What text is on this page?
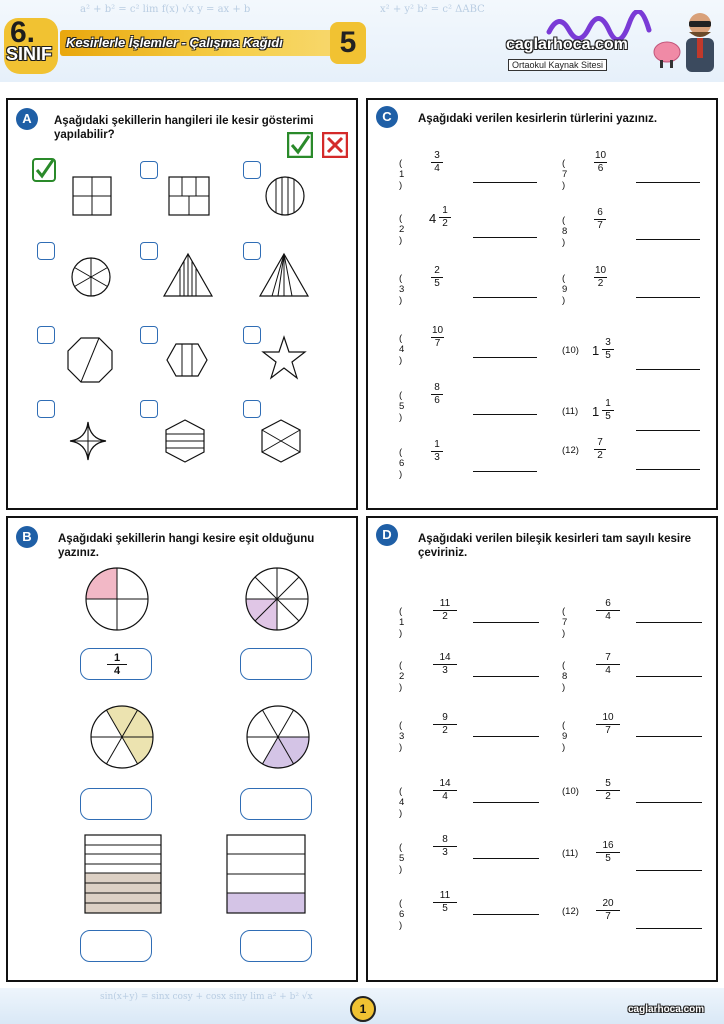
a² + b² = c² lim f(x) √x y = ax + b	x² + y² b² = c² ΔABC
6.
SINIF
Kesirlerle İşlemler - Çalışma Kağıdı	5	caglarhoca.com
Ortaokul Kaynak Sitesi
A	Aşağıdaki şekillerin hangileri ile kesir gösterimi yapılabilir?
C	Aşağıdaki verilen kesirlerin türlerini yazınız.
( 1 )
3
4
( 2 )
4
1
2
( 3 )
2
5
( 4 )
10
7
( 5 )
8
6
( 6 )
1
3
( 7 )
10
6
( 8 )
6
7
( 9 )
10
2
(10) 1
3
5
(11) 1
1
5
(12)
7
2
B	Aşağıdaki şekillerin hangi kesire eşit olduğunu yazınız.
1
4
D	Aşağıdaki verilen bileşik kesirleri tam sayılı kesire çeviriniz.
( 1 )
11
2
( 2 )
14
3
( 3 )
9
2
( 4 )
14
4
( 5 )
8
3
( 6 )
11
5
( 7 )
6
4
( 8 )
7
4
( 9 )
10
7
(10)
5
2
(11)
16
5
(12)
20
7
sin(x+y) = sinx cosy + cosx siny lim a² + b² √x
1	caglarhoca.com
